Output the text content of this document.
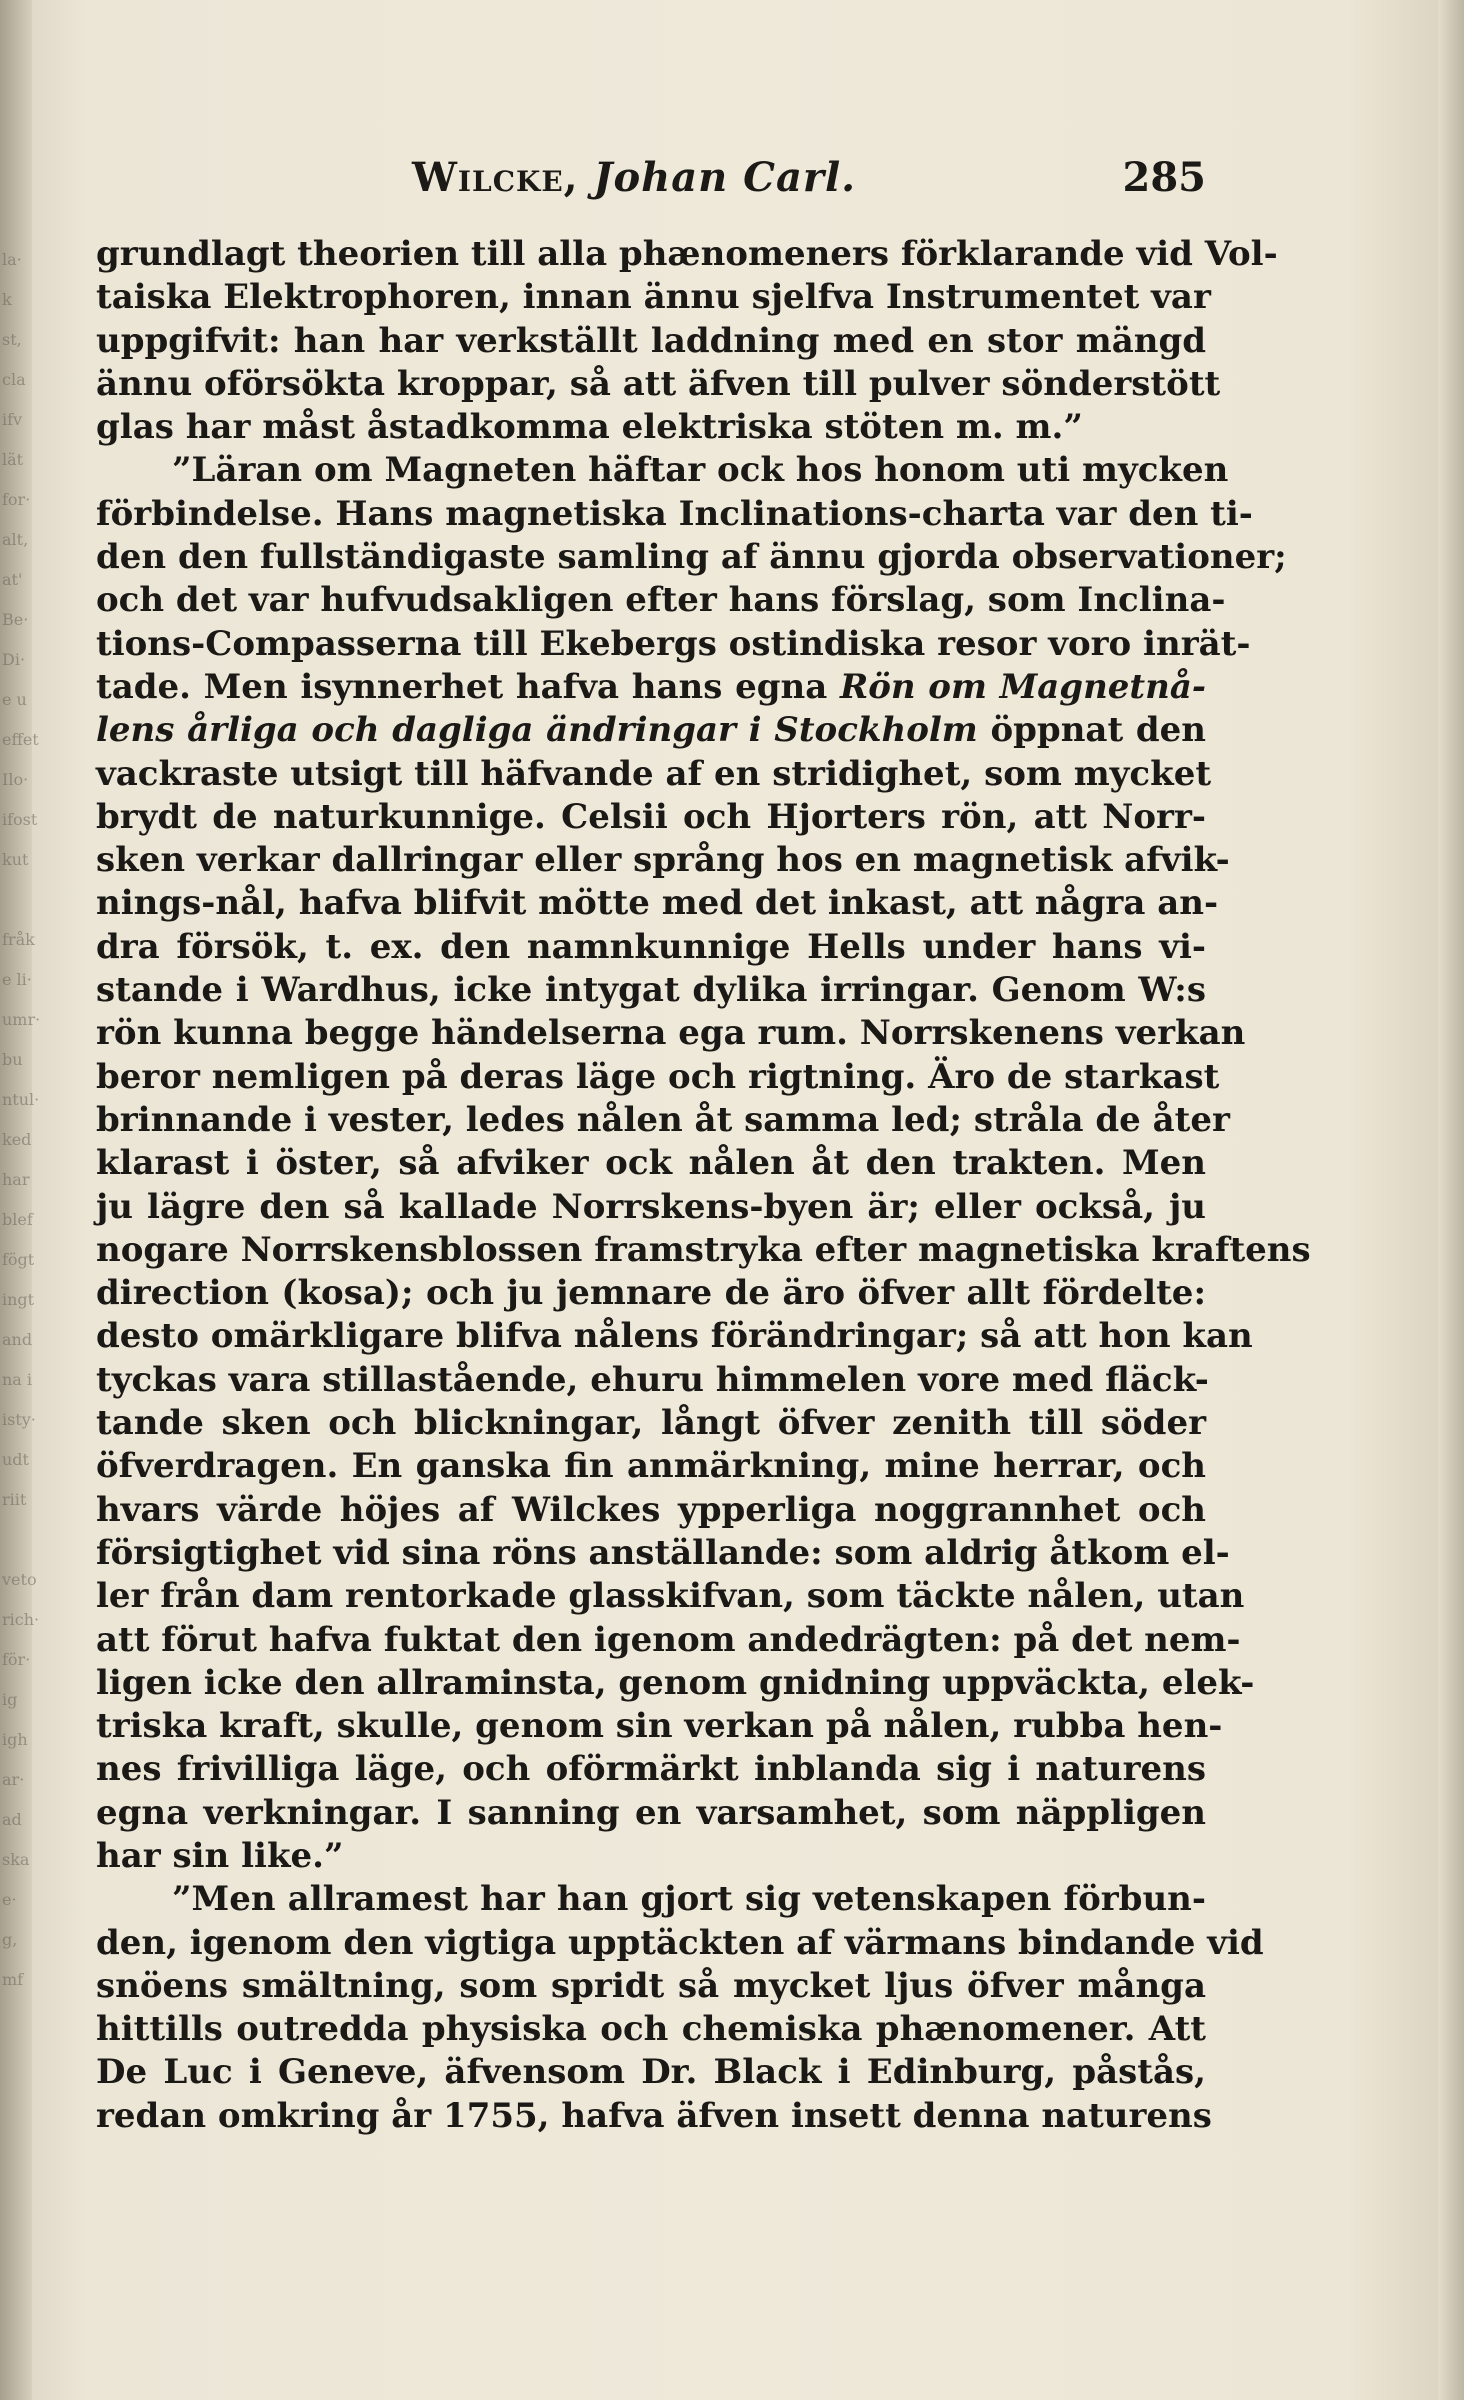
la·
k
st,
cla
ifv
lät
for·
alt,
at'
Be·
Di·
e u
effet
Ilo·
ifost
kut
fråk
e li·
umr·
bu
ntul·
ked
har
blef
fögt
ingt
and
na i
isty·
udt
riit
veto
rich·
för·
ig
igh
ar·
ad
ska
e·
g,
mf
Wilcke, Johan Carl.	285
grundlagt theorien till alla phænomeners förklarande vid Vol-
taiska Elektrophoren, innan ännu sjelfva Instrumentet var
uppgifvit: han har verkställt laddning med en stor mängd
ännu oförsökta kroppar, så att äfven till pulver sönderstött
glas har måst åstadkomma elektriska stöten m. m.”
”Läran om Magneten häftar ock hos honom uti mycken
förbindelse. Hans magnetiska Inclinations-charta var den ti-
den den fullständigaste samling af ännu gjorda observationer;
och det var hufvudsakligen efter hans förslag, som Inclina-
tions-Compasserna till Ekebergs ostindiska resor voro inrät-
tade. Men isynnerhet hafva hans egna Rön om Magnetnå-
lens årliga och dagliga ändringar i Stockholm öppnat den
vackraste utsigt till häfvande af en stridighet, som mycket
brydt de naturkunnige. Celsii och Hjorters rön, att Norr-
sken verkar dallringar eller språng hos en magnetisk afvik-
nings-nål, hafva blifvit mötte med det inkast, att några an-
dra försök, t. ex. den namnkunnige Hells under hans vi-
stande i Wardhus, icke intygat dylika irringar. Genom W:s
rön kunna begge händelserna ega rum. Norrskenens verkan
beror nemligen på deras läge och rigtning. Äro de starkast
brinnande i vester, ledes nålen åt samma led; stråla de åter
klarast i öster, så afviker ock nålen åt den trakten. Men
ju lägre den så kallade Norrskens-byen är; eller också, ju
nogare Norrskensblossen framstryka efter magnetiska kraftens
direction (kosa); och ju jemnare de äro öfver allt fördelte:
desto omärkligare blifva nålens förändringar; så att hon kan
tyckas vara stillastående, ehuru himmelen vore med fläck-
tande sken och blickningar, långt öfver zenith till söder
öfverdragen. En ganska fin anmärkning, mine herrar, och
hvars värde höjes af Wilckes ypperliga noggrannhet och
försigtighet vid sina röns anställande: som aldrig åtkom el-
ler från dam rentorkade glasskifvan, som täckte nålen, utan
att förut hafva fuktat den igenom andedrägten: på det nem-
ligen icke den allraminsta, genom gnidning uppväckta, elek-
triska kraft, skulle, genom sin verkan på nålen, rubba hen-
nes frivilliga läge, och oförmärkt inblanda sig i naturens
egna verkningar. I sanning en varsamhet, som näppligen
har sin like.”
”Men allramest har han gjort sig vetenskapen förbun-
den, igenom den vigtiga upptäckten af värmans bindande vid
snöens smältning, som spridt så mycket ljus öfver många
hittills outredda physiska och chemiska phænomener. Att
De Luc i Geneve, äfvensom Dr. Black i Edinburg, påstås,
redan omkring år 1755, hafva äfven insett denna naturens
